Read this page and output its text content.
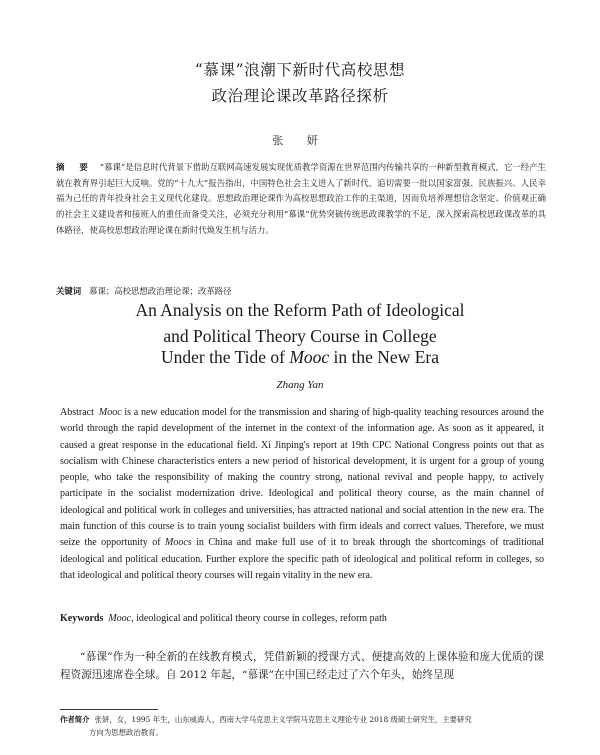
“慕课”浪潮下新时代高校思想
政治理论课改革路径探析
张 妍
摘 要 “慕课”是信息时代背景下借助互联网高速发展实现优质教学资源在世界范围内传输共享的一种新型教育模式，它一经产生就在教育界引起巨大反响。党的“十九大”报告指出，中国特色社会主义进入了新时代，追切需要一批以国家富强、民族振兴、人民幸福为己任的青年投身社会主义现代化建设。思想政治理论课作为高校思想政治工作的主渠道，因而负培养理想信念坚定、价值观正确的社会主义建设者和接班人的重任而备受关注，必须充分利用“慕课”优势突破传统思政课教学的不足，深入探索高校思政课改革的具体路径，使高校思想政治理论课在新时代焕发生机与活力。
关键词 慕课；高校思想政治理论课；改革路径
An Analysis on the Reform Path of Ideological
and Political Theory Course in College
Under the Tide of Mooc in the New Era
Zhang Yan
Abstract Mooc is a new education model for the transmission and sharing of high-quality teaching resources around the world through the rapid development of the internet in the context of the information age. As soon as it appeared, it caused a great response in the educational field. Xi Jinping's report at 19th CPC National Congress points out that as socialism with Chinese characteristics enters a new period of historical development, it is urgent for a group of young people, who take the responsibility of making the country strong, national revival and people happy, to actively participate in the socialist modernization drive. Ideological and political theory course, as the main channel of ideological and political work in colleges and universities, has attracted national and social attention in the new era. The main function of this course is to train young socialist builders with firm ideals and correct values. Therefore, we must seize the opportunity of Moocs in China and make full use of it to break through the shortcomings of traditional ideological and political education. Further explore the specific path of ideological and political reform in colleges, so that ideological and political theory courses will regain vitality in the new era.
Keywords Mooc, ideological and political theory course in colleges, reform path
“慕课”作为一种全新的在线教育模式，凭借新颖的授课方式、便捷高效的上课体验和庞大优质的课程资源迅速席卷全球。自 2012 年起，“慕课”在中国已经走过了六个年头，始终呈现
作者简介 张妍，女，1995 年生，山东威海人，西南大学马克思主义学院马克思主义理论专业 2018 级硕士研究生，主要研究
方向为思想政治教育。
